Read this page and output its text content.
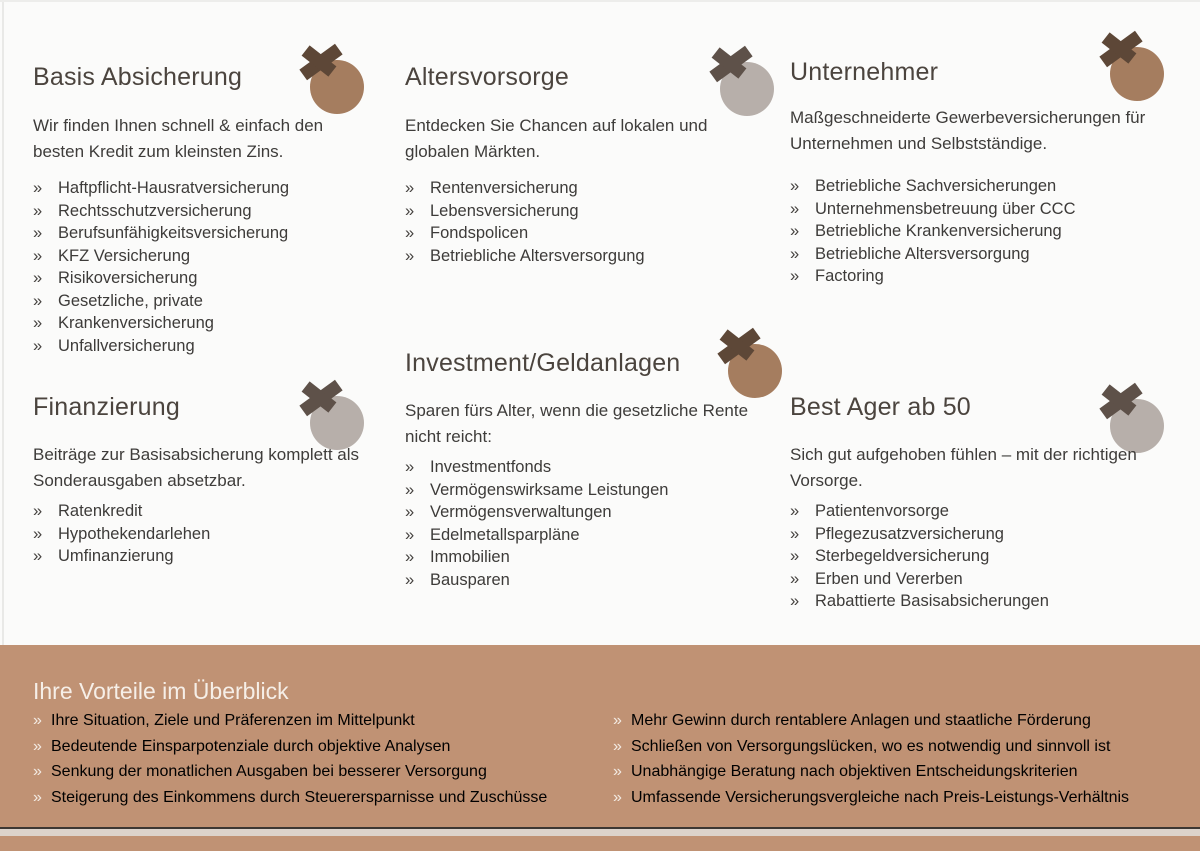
Basis Absicherung

Wir finden Ihnen schnell & einfach den besten Kredit zum kleinsten Zins.

» Haftpflicht-Hausratversicherung
» Rechtsschutzversicherung
» Berufsunfähigkeitsversicherung
» KFZ Versicherung
» Risikoversicherung
» Gesetzliche, private
» Krankenversicherung
» Unfallversicherung
Altersvorsorge

Entdecken Sie Chancen auf lokalen und globalen Märkten.

» Rentenversicherung
» Lebensversicherung
» Fondspolicen
» Betriebliche Altersversorgung
Unternehmer

Maßgeschneiderte Gewerbeversicherungen für Unternehmen und Selbstständige.

» Betriebliche Sachversicherungen
» Unternehmensbetreuung über CCC
» Betriebliche Krankenversicherung
» Betriebliche Altersversorgung
» Factoring
Finanzierung

Beiträge zur Basisabsicherung komplett als Sonderausgaben absetzbar.

» Ratenkredit
» Hypothekendarlehen
» Umfinanzierung
Investment/Geldanlagen

Sparen fürs Alter, wenn die gesetzliche Rente nicht reicht:

» Investmentfonds
» Vermögenswirksame Leistungen
» Vermögensverwaltungen
» Edelmetallsparpläne
» Immobilien
» Bausparen
Best Ager ab 50

Sich gut aufgehoben fühlen – mit der richtigen Vorsorge.

» Patientenvorsorge
» Pflegezusatzversicherung
» Sterbegeldversicherung
» Erben und Vererben
» Rabattierte Basisabsicherungen
Ihre Vorteile im Überblick
» Ihre Situation, Ziele und Präferenzen im Mittelpunkt
» Bedeutende Einsparpotenziale durch objektive Analysen
» Senkung der monatlichen Ausgaben bei besserer Versorgung
» Steigerung des Einkommens durch Steuerersparnisse und Zuschüsse
» Mehr Gewinn durch rentablere Anlagen und staatliche Förderung
» Schließen von Versorgungslücken, wo es notwendig und sinnvoll ist
» Unabhängige Beratung nach objektiven Entscheidungskriterien
» Umfassende Versicherungsvergleiche nach Preis-Leistungs-Verhältnis
